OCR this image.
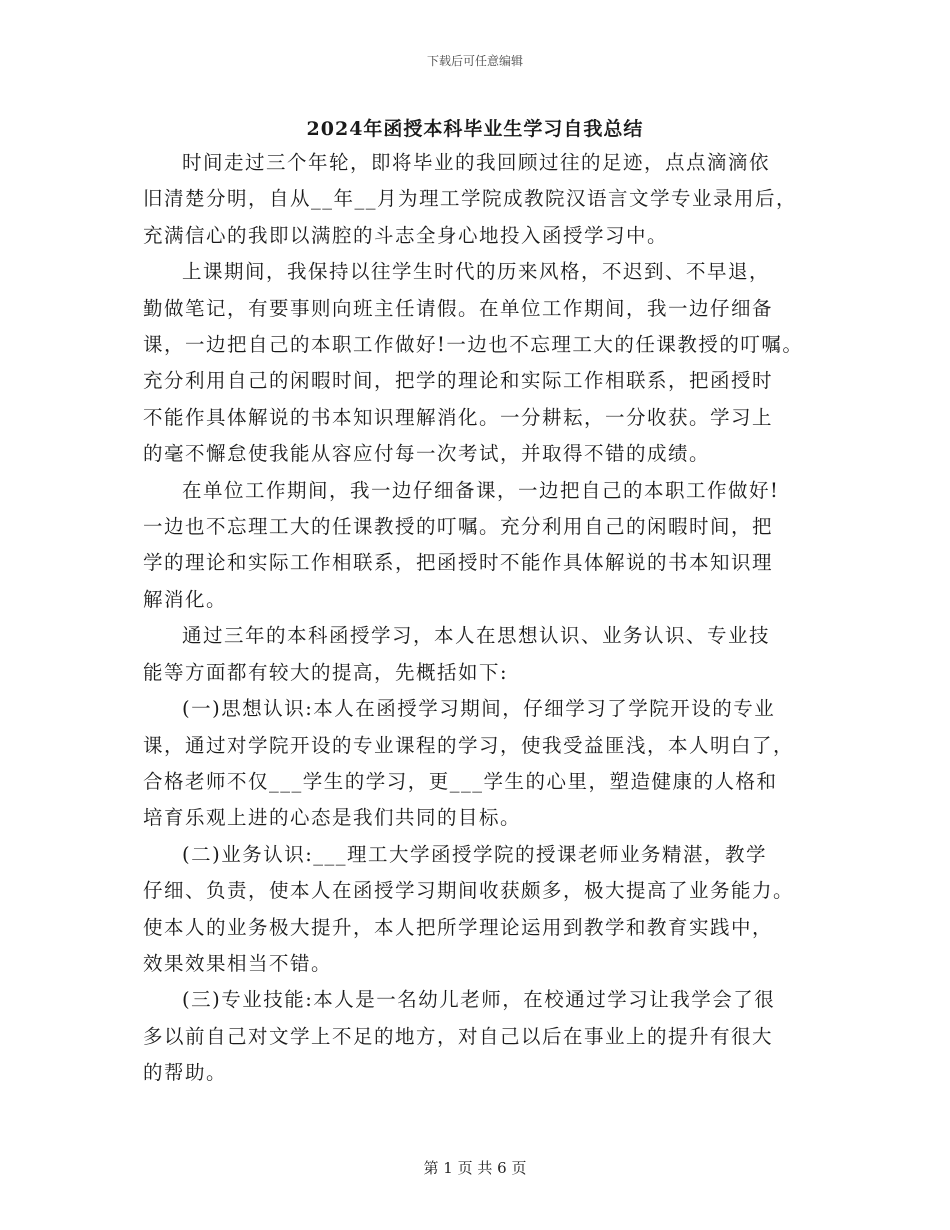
下载后可任意编辑
2024年函授本科毕业生学习自我总结

时间走过三个年轮，即将毕业的我回顾过往的足迹，点点滴滴依
旧清楚分明，自从__年__月为理工学院成教院汉语言文学专业录用后，
充满信心的我即以满腔的斗志全身心地投入函授学习中。

上课期间，我保持以往学生时代的历来风格，不迟到、不早退，
勤做笔记，有要事则向班主任请假。在单位工作期间，我一边仔细备
课，一边把自己的本职工作做好!一边也不忘理工大的任课教授的叮嘱。
充分利用自己的闲暇时间，把学的理论和实际工作相联系，把函授时
不能作具体解说的书本知识理解消化。一分耕耘，一分收获。学习上
的毫不懈怠使我能从容应付每一次考试，并取得不错的成绩。

在单位工作期间，我一边仔细备课，一边把自己的本职工作做好!
一边也不忘理工大的任课教授的叮嘱。充分利用自己的闲暇时间，把
学的理论和实际工作相联系，把函授时不能作具体解说的书本知识理
解消化。

通过三年的本科函授学习，本人在思想认识、业务认识、专业技
能等方面都有较大的提高，先概括如下:

(一)思想认识:本人在函授学习期间，仔细学习了学院开设的专业
课，通过对学院开设的专业课程的学习，使我受益匪浅，本人明白了，
合格老师不仅___学生的学习，更___学生的心里，塑造健康的人格和
培育乐观上进的心态是我们共同的目标。

(二)业务认识:___理工大学函授学院的授课老师业务精湛，教学
仔细、负责，使本人在函授学习期间收获颇多，极大提高了业务能力。
使本人的业务极大提升，本人把所学理论运用到教学和教育实践中，
效果效果相当不错。

(三)专业技能:本人是一名幼儿老师，在校通过学习让我学会了很
多以前自己对文学上不足的地方，对自己以后在事业上的提升有很大
的帮助。

第 1 页 共 6 页
